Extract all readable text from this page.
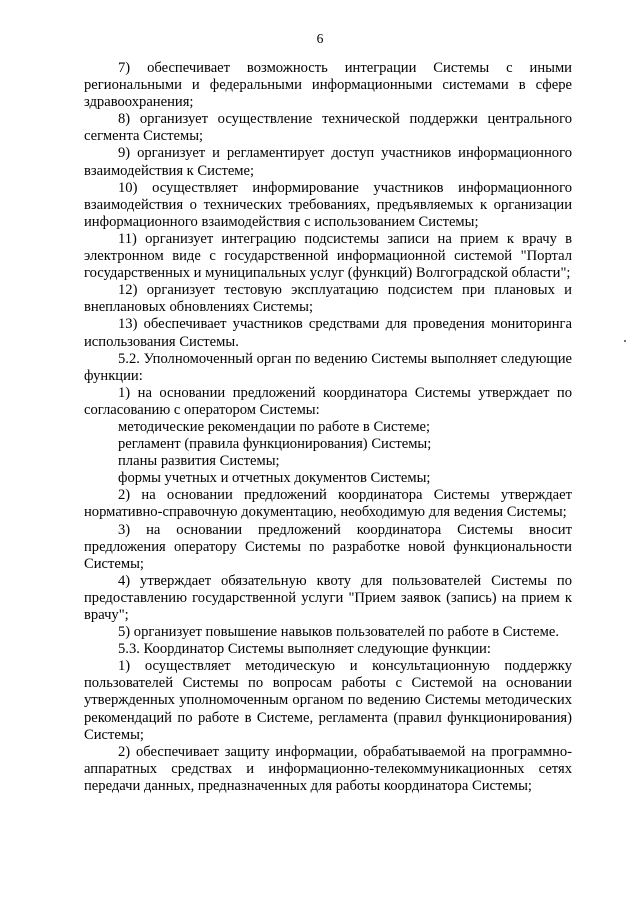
6

7) обеспечивает возможность интеграции Системы с иными региональными и федеральными информационными системами в сфере здравоохранения;

8) организует осуществление технической поддержки центрального сегмента Системы;

9) организует и регламентирует доступ участников информационного взаимодействия к Системе;

10) осуществляет информирование участников информационного взаимодействия о технических требованиях, предъявляемых к организации информационного взаимодействия с использованием Системы;

11) организует интеграцию подсистемы записи на прием к врачу в электронном виде с государственной информационной системой "Портал государственных и муниципальных услуг (функций) Волгоградской области";

12) организует тестовую эксплуатацию подсистем при плановых и внеплановых обновлениях Системы;

13) обеспечивает участников средствами для проведения мониторинга использования Системы.

5.2. Уполномоченный орган по ведению Системы выполняет следующие функции:

1) на основании предложений координатора Системы утверждает по согласованию с оператором Системы:

методические рекомендации по работе в Системе;

регламент (правила функционирования) Системы;

планы развития Системы;

формы учетных и отчетных документов Системы;

2) на основании предложений координатора Системы утверждает нормативно-справочную документацию, необходимую для ведения Системы;

3) на основании предложений координатора Системы вносит предложения оператору Системы по разработке новой функциональности Системы;

4) утверждает обязательную квоту для пользователей Системы по предоставлению государственной услуги "Прием заявок (запись) на прием к врачу";

5) организует повышение навыков пользователей по работе в Системе.

5.3. Координатор Системы выполняет следующие функции:

1) осуществляет методическую и консультационную поддержку пользователей Системы по вопросам работы с Системой на основании утвержденных уполномоченным органом по ведению Системы методических рекомендаций по работе в Системе, регламента (правил функционирования) Системы;

2) обеспечивает защиту информации, обрабатываемой на программно-аппаратных средствах и информационно-телекоммуникационных сетях передачи данных, предназначенных для работы координатора Системы;
